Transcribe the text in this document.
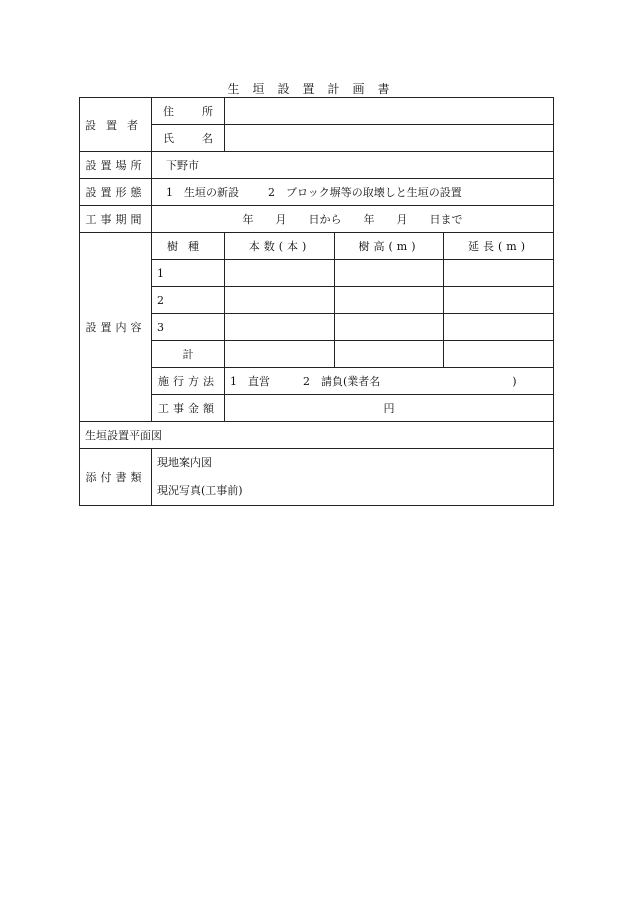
生垣設置計画書
設置者	住 所			

	氏 名			

設置場所	下野市			
設置形態	1　生垣の新設 2　ブロック塀等の取壊しと生垣の設置			
工事期間	年　　月　　日から　　年　　月　　日まで			
設置内容	樹種	本数(本)	樹高(m)	延長(m)
	1			
	2			
	3			
	計			
	施行方法	1　直営　　　2　請負(業者名　　　　　　　　　　　　)		
	工事金額	円		
生垣設置平面図				
添付書類	現地案内図
現況写真(工事前)			
